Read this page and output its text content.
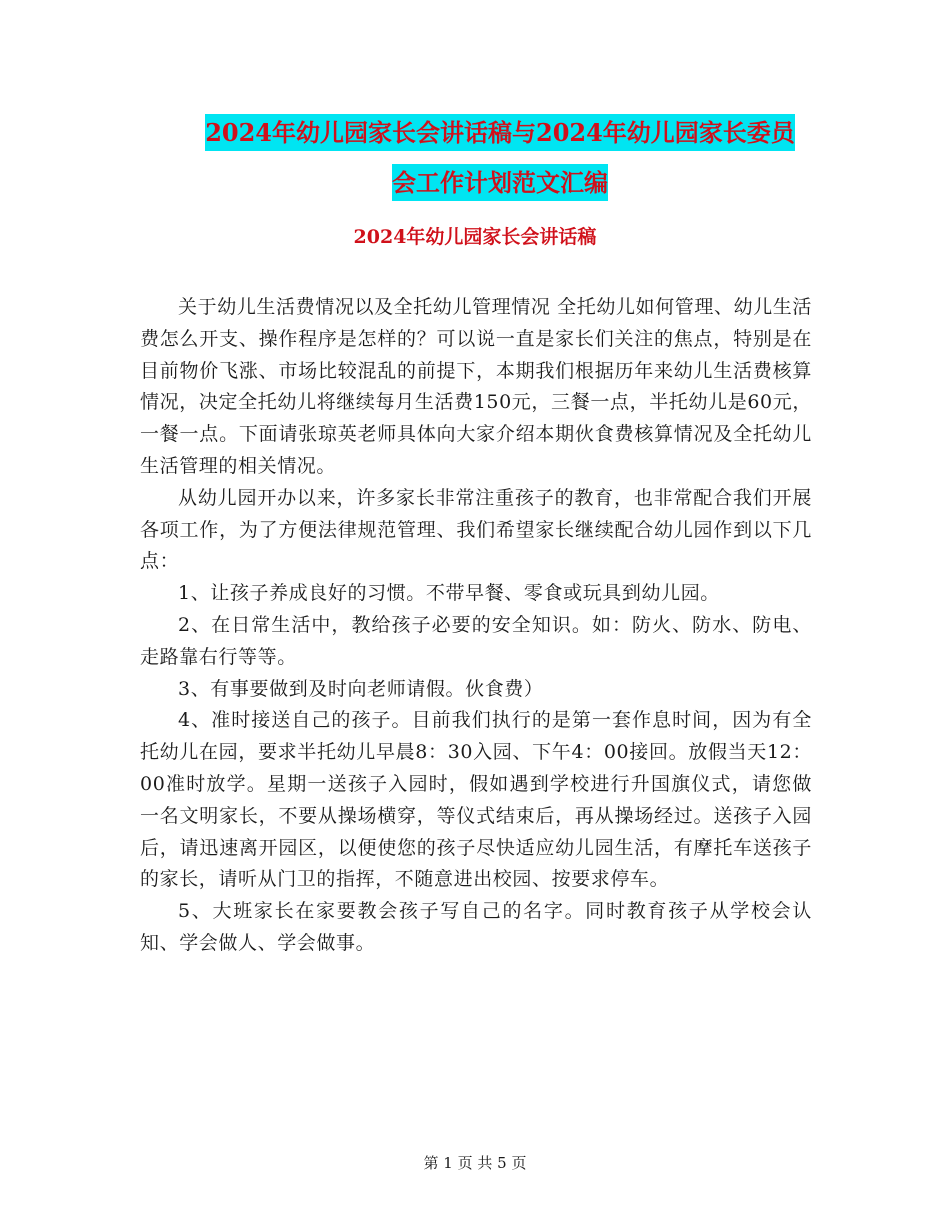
2024年幼儿园家长会讲话稿与2024年幼儿园家长委员
会工作计划范文汇编
2024年幼儿园家长会讲话稿

关于幼儿生活费情况以及全托幼儿管理情况 全托幼儿如何管理、幼儿生活费怎么开支、操作程序是怎样的？可以说一直是家长们关注的焦点，特别是在目前物价飞涨、市场比较混乱的前提下，本期我们根据历年来幼儿生活费核算情况，决定全托幼儿将继续每月生活费150元，三餐一点，半托幼儿是60元，一餐一点。下面请张琼英老师具体向大家介绍本期伙食费核算情况及全托幼儿生活管理的相关情况。

从幼儿园开办以来，许多家长非常注重孩子的教育，也非常配合我们开展各项工作，为了方便法律规范管理、我们希望家长继续配合幼儿园作到以下几点：

1、让孩子养成良好的习惯。不带早餐、零食或玩具到幼儿园。

2、在日常生活中，教给孩子必要的安全知识。如：防火、防水、防电、走路靠右行等等。

3、有事要做到及时向老师请假。伙食费）

4、准时接送自己的孩子。目前我们执行的是第一套作息时间，因为有全托幼儿在园，要求半托幼儿早晨8：30入园、下午4：00接回。放假当天12：00准时放学。星期一送孩子入园时，假如遇到学校进行升国旗仪式，请您做一名文明家长，不要从操场横穿，等仪式结束后，再从操场经过。送孩子入园后，请迅速离开园区，以便使您的孩子尽快适应幼儿园生活，有摩托车送孩子的家长，请听从门卫的指挥，不随意进出校园、按要求停车。

5、大班家长在家要教会孩子写自己的名字。同时教育孩子从学校会认知、学会做人、学会做事。

第 1 页 共 5 页
